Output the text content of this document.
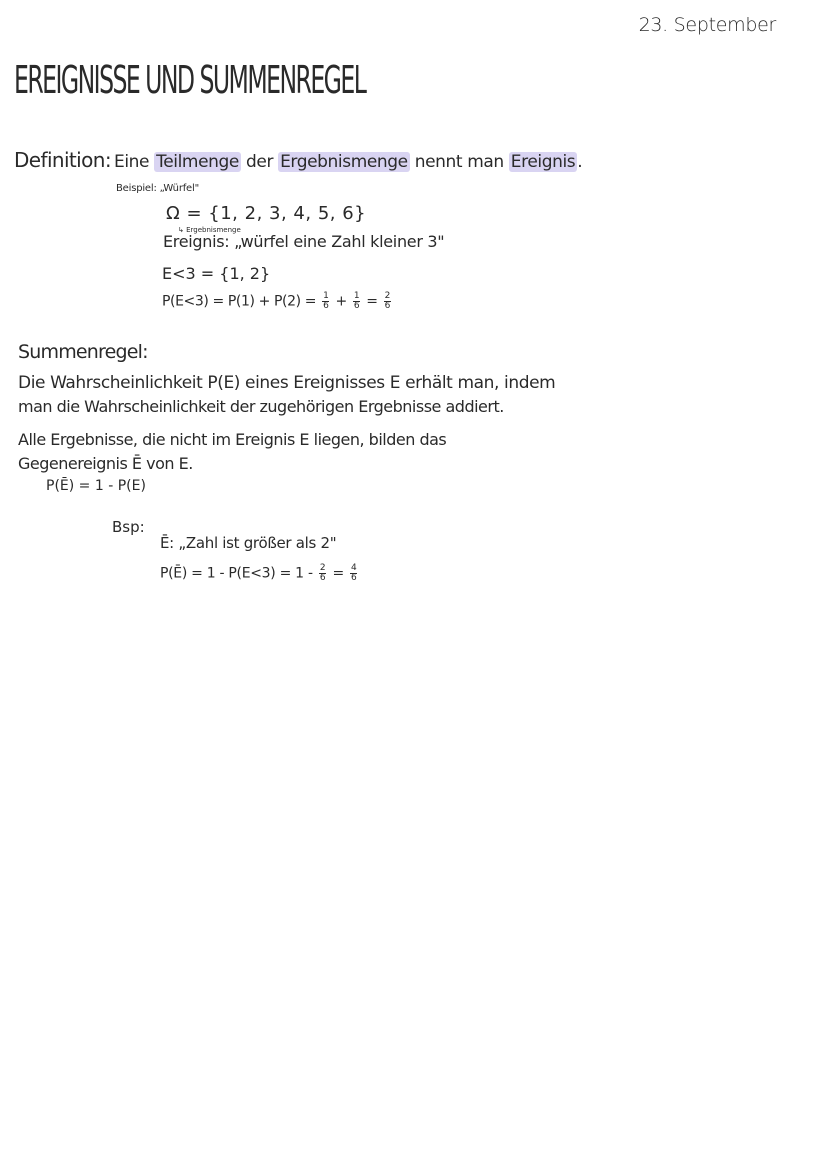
23. September
EREIGNISSE UND SUMMENREGEL
Definition: Eine Teilmenge der Ergebnismenge nennt man Ereignis .
Beispiel: „Würfel"
Ω = {1, 2, 3, 4, 5, 6}
↳ Ergebnismenge
Ereignis: „würfel eine Zahl kleiner 3"
E<3 = {1, 2}
$P(E<3) = P(1) + P(2) = \frac{1}{6} + \frac{1}{6} = \frac{2}{6}$
Summenregel:
Die Wahrscheinlichkeit P(E) eines Ereignisses E erhält man, indem
man die Wahrscheinlichkeit der zugehörigen Ergebnisse addiert.
Alle Ergebnisse, die nicht im Ereignis E liegen, bilden das
Gegenereignis Ē von E.
P(Ē) = 1 - P(E)
Bsp:
Ē: „Zahl ist größer als 2"
P(Ē) = $1 - P(E<3) = 1 - \frac{2}{6} = \frac{4}{6}$
